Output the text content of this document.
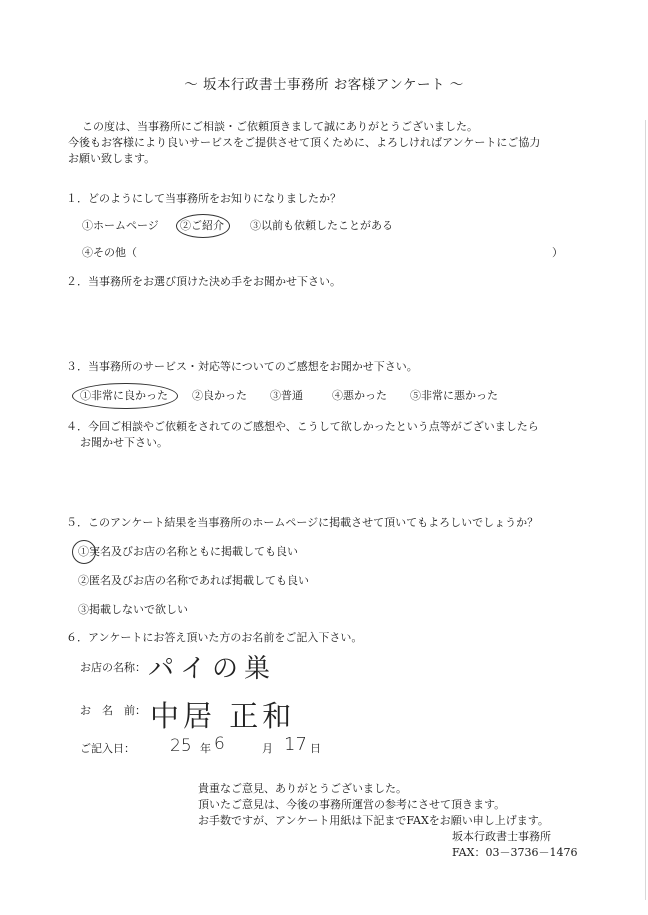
～ 坂本行政書士事務所 お客様アンケート ～
この度は、当事務所にご相談・ご依頼頂きまして誠にありがとうございました。
今後もお客様により良いサービスをご提供させて頂くために、よろしければアンケートにご協力
お願い致します。
１．どのようにして当事務所をお知りになりましたか？
①ホームページ ②ご紹介 ③以前も依頼したことがある
④その他（	）
２．当事務所をお選び頂けた決め手をお聞かせ下さい。
３．当事務所のサービス・対応等についてのご感想をお聞かせ下さい。
①非常に良かった ②良かった ③普通	④悪かった ⑤非常に悪かった
４．今回ご相談やご依頼をされてのご感想や、こうして欲しかったという点等がございましたら
お聞かせ下さい。
５．このアンケート結果を当事務所のホームページに掲載させて頂いてもよろしいでしょうか？
①実名及びお店の名称ともに掲載しても良い
②匿名及びお店の名称であれば掲載しても良い
③掲載しないで欲しい
６．アンケートにお答え頂いた方のお名前をご記入下さい。
お店の名称： パイの巣
お　名　前： 中居 正和
ご記入日： 25 年 6	月 17 日
貴重なご意見、ありがとうございました。
頂いたご意見は、今後の事務所運営の参考にさせて頂きます。
お手数ですが、アンケート用紙は下記までFAXをお願い申し上げます。
坂本行政書士事務所
FAX：03－3736－1476
